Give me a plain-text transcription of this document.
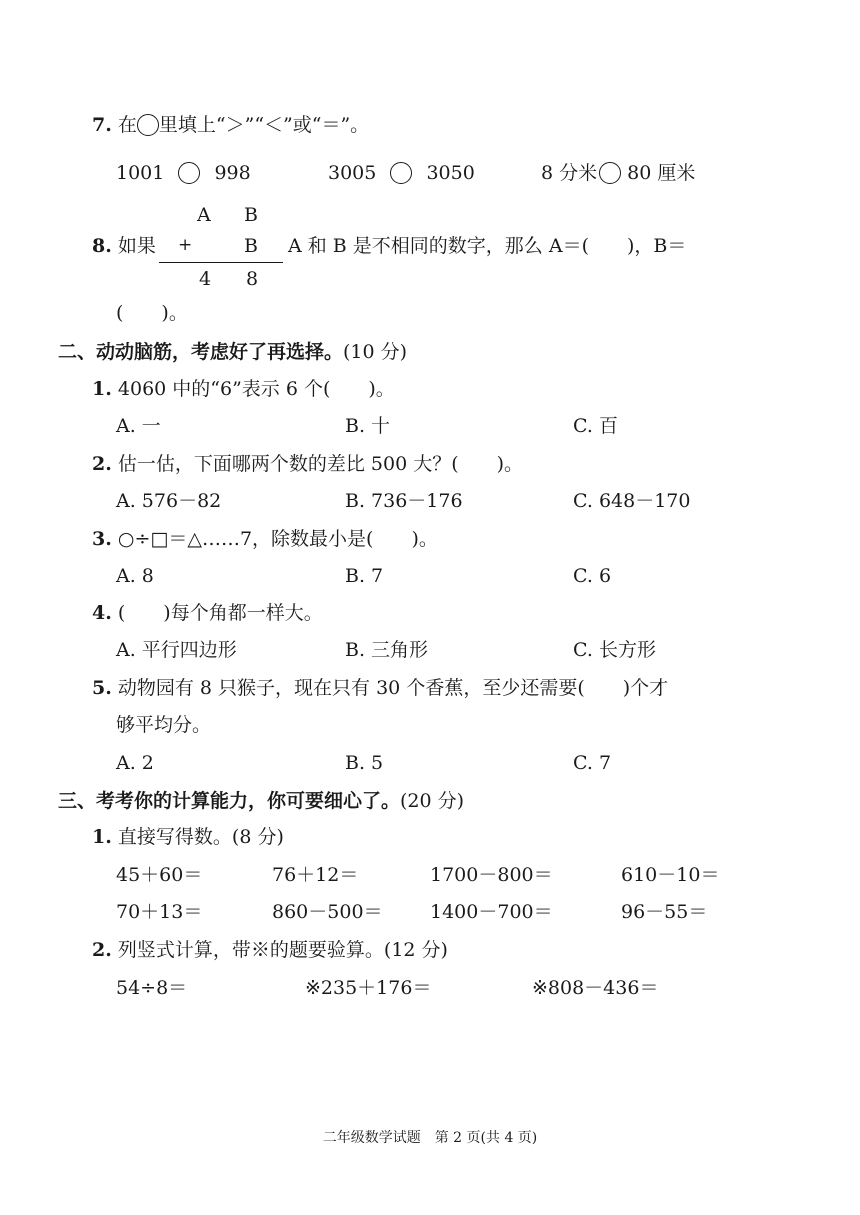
7. 在 里填上“＞”“＜”或“＝”。
1001	998	3005	3050	8 分米 80 厘米
A B
8. 如果 +	B
4 8
A 和 B 是不相同的数字，那么 A＝(　　)，B＝
(　　)。
二、动动脑筋，考虑好了再选择。(10 分)
1. 4060 中的“6”表示 6 个(　　)。
A. 一	B. 十	C. 百
2. 估一估，下面哪两个数的差比 500 大？(　　)。
A. 576－82	B. 736－176	C. 648－170
3. ○÷□＝△……7，除数最小是(　　)。
A. 8	B. 7	C. 6
4. (　　)每个角都一样大。
A. 平行四边形	B. 三角形	C. 长方形
5. 动物园有 8 只猴子，现在只有 30 个香蕉，至少还需要(　　)个才
够平均分。
A. 2	B. 5	C. 7
三、考考你的计算能力，你可要细心了。(20 分)
1. 直接写得数。(8 分)
45＋60＝	76＋12＝	1700－800＝	610－10＝
70＋13＝	860－500＝ 1400－700＝	96－55＝
2. 列竖式计算，带※的题要验算。(12 分)
54÷8＝	※235＋176＝	※808－436＝
二年级数学试题　第 2 页(共 4 页)
